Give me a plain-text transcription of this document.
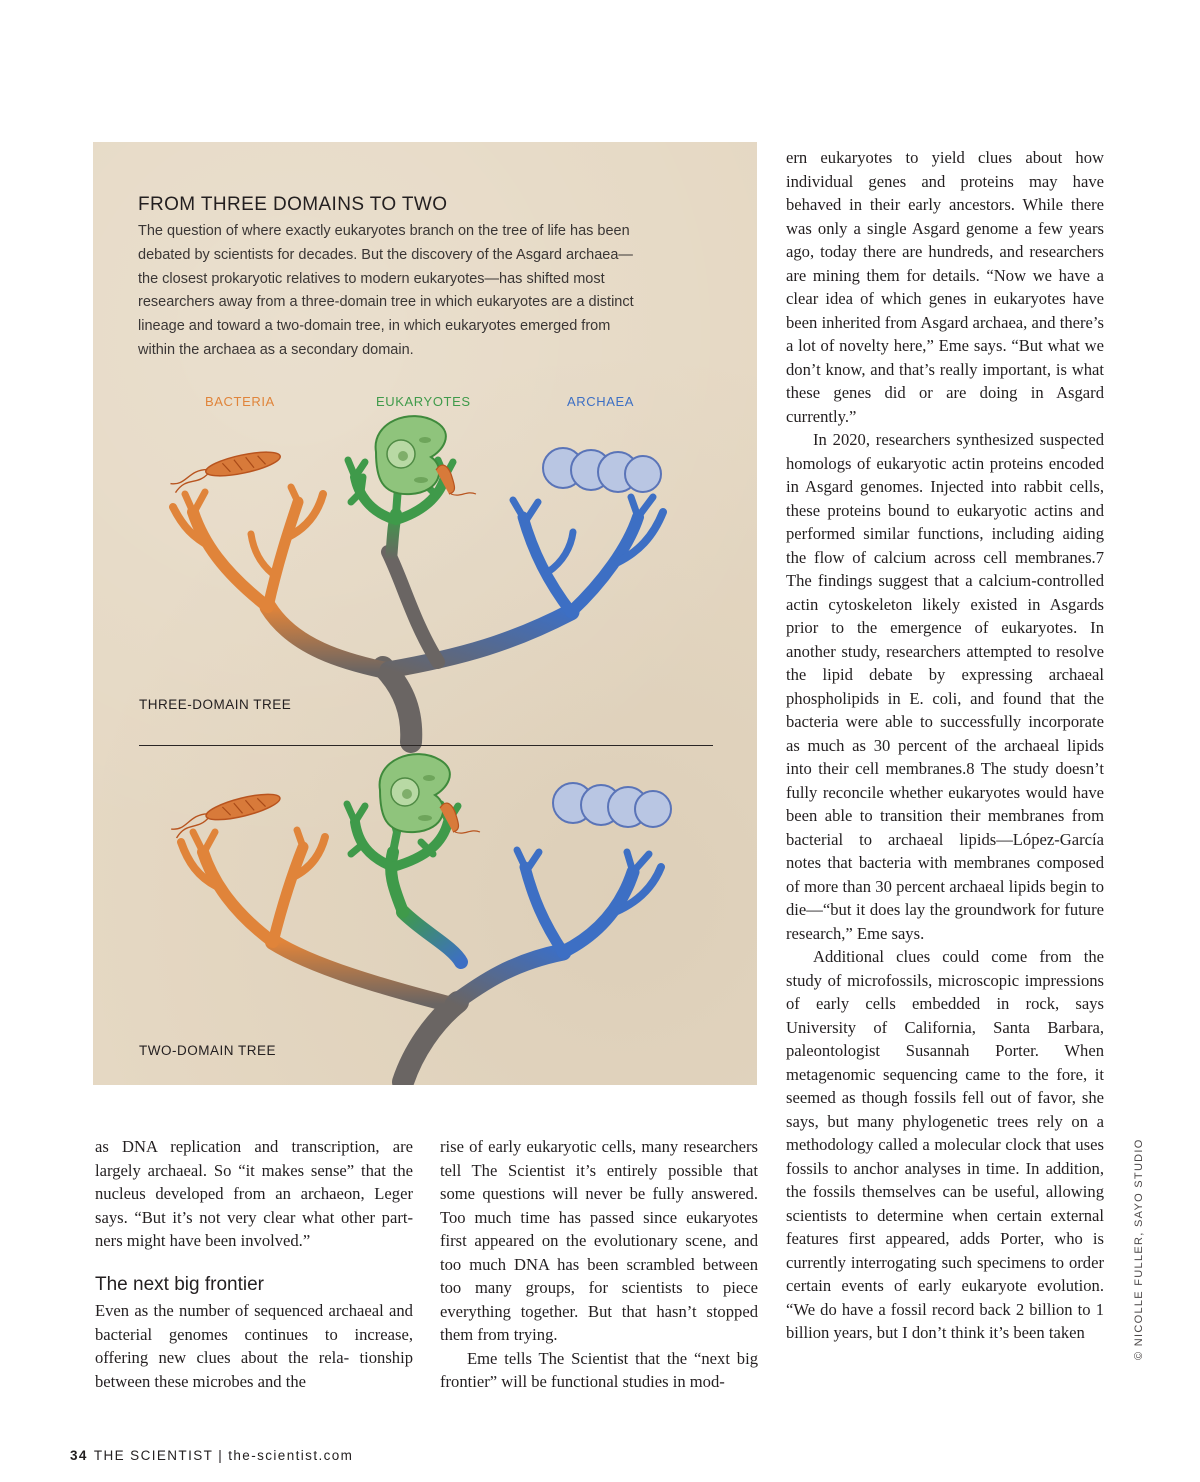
FROM THREE DOMAINS TO TWO

The question of where exactly eukaryotes branch on the tree of life has been
debated by scientists for decades. But the discovery of the Asgard archaea—
the closest prokaryotic relatives to modern eukaryotes—has shifted most
researchers away from a three-domain tree in which eukaryotes are a distinct
lineage and toward a two-domain tree, in which eukaryotes emerged from
within the archaea as a secondary domain.

BACTERIA	EUKARYOTES	ARCHAEA
THREE-DOMAIN TREE
TWO-DOMAIN TREE

as DNA replication and transcription, are largely archaeal. So “it makes sense” that the nucleus developed from an archaeon, Leger says. “But it’s not very clear what other part- ners might have been involved.”

The next big frontier

Even as the number of sequenced archaeal and bacterial genomes continues to increase, offering new clues about the rela- tionship between these microbes and the

rise of early eukaryotic cells, many researchers tell The Scientist it’s entirely possible that some questions will never be fully answered. Too much time has passed since eukaryotes first appeared on the evolutionary scene, and too much DNA has been scrambled between too many groups, for scientists to piece everything together. But that hasn’t stopped them from trying.

Eme tells The Scientist that the “next big frontier” will be functional studies in mod-

ern eukaryotes to yield clues about how individual genes and proteins may have behaved in their early ancestors. While there was only a single Asgard genome a few years ago, today there are hundreds, and researchers are mining them for details. “Now we have a clear idea of which genes in eukaryotes have been inherited from Asgard archaea, and there’s a lot of novelty here,” Eme says. “But what we don’t know, and that’s really important, is what these genes did or are doing in Asgard currently.”

In 2020, researchers synthesized suspected homologs of eukaryotic actin proteins encoded in Asgard genomes. Injected into rabbit cells, these proteins bound to eukaryotic actins and performed similar functions, including aiding the flow of calcium across cell membranes.7 The findings suggest that a calcium-controlled actin cytoskeleton likely existed in Asgards prior to the emergence of eukaryotes. In another study, researchers attempted to resolve the lipid debate by expressing archaeal phospholipids in E. coli, and found that the bacteria were able to successfully incorporate as much as 30 percent of the archaeal lipids into their cell membranes.8 The study doesn’t fully reconcile whether eukaryotes would have been able to transition their membranes from bacterial to archaeal lipids—López-García notes that bacteria with membranes composed of more than 30 percent archaeal lipids begin to die—“but it does lay the groundwork for future research,” Eme says.

Additional clues could come from the study of microfossils, microscopic impressions of early cells embedded in rock, says University of California, Santa Barbara, paleontologist Susannah Porter. When metagenomic sequencing came to the fore, it seemed as though fossils fell out of favor, she says, but many phylogenetic trees rely on a methodology called a molecular clock that uses fossils to anchor analyses in time. In addition, the fossils themselves can be useful, allowing scientists to determine when certain external features first appeared, adds Porter, who is currently interrogating such specimens to order certain events of early eukaryote evolution. “We do have a fossil record back 2 billion to 1 billion years, but I don’t think it’s been taken

34 THE SCIENTIST | the-scientist.com
© NICOLLE FULLER, SAYO STUDIO
